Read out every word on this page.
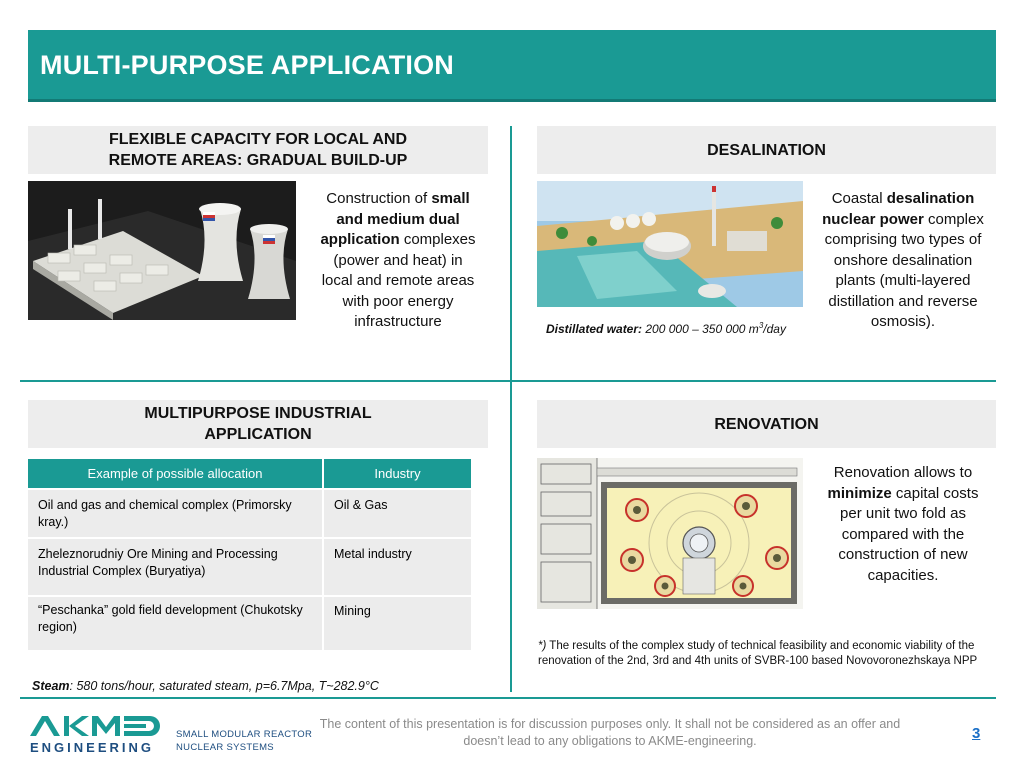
MULTI-PURPOSE APPLICATION
FLEXIBLE CAPACITY FOR LOCAL AND
REMOTE AREAS: GRADUAL BUILD-UP
Construction of small and medium dual application complexes (power and heat) in local and remote areas with poor energy infrastructure
DESALINATION
Distillated water: 200 000 – 350 000 $m^3$/day
Coastal desalination nuclear power complex comprising two types of onshore desalination plants (multi-layered distillation and reverse osmosis).
MULTIPURPOSE INDUSTRIAL
APPLICATION
Example of possible allocation	Industry
Oil and gas and chemical complex (Primorsky kray.)	Oil & Gas
Zheleznorudniy Ore Mining and Processing Industrial Complex (Buryatiya)	Metal industry
“Peschanka” gold field development (Chukotsky region)	Mining
Steam: 580 tons/hour, saturated steam, p=6.7Mpa, T~282.9°C
RENOVATION
Renovation allows to minimize capital costs per unit two fold as compared with the construction of new capacities.
*) The results of the complex study of technical feasibility and economic viability of the renovation of the 2nd, 3rd and 4th units of SVBR-100 based Novovoronezhskaya NPP
ENGINEERING
SMALL MODULAR REACTOR
NUCLEAR SYSTEMS
The content of this presentation is for discussion purposes only. It shall not be considered as an offer and doesn’t lead to any obligations to AKME-engineering.	3
